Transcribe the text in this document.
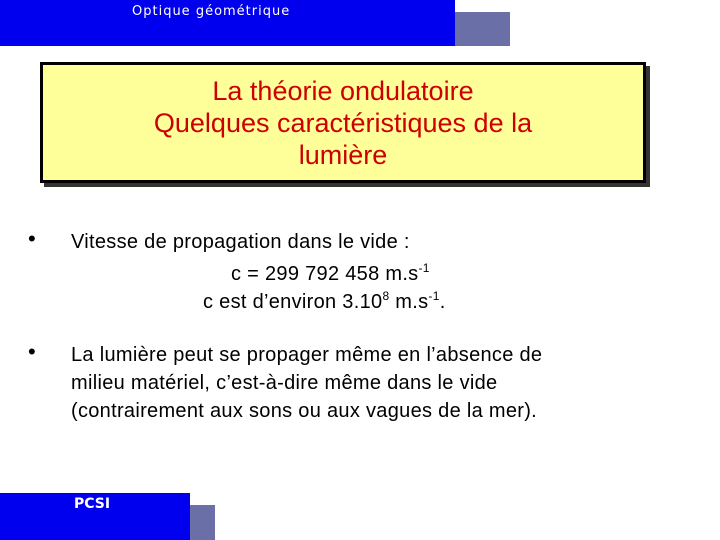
Optique géométrique
La théorie ondulatoire
Quelques caractéristiques de la
lumière
• Vitesse de propagation dans le vide :
c = 299 792 458 $m.s^{-1}$
c est d’environ 3.10$^8$ $m.s^{-1}$.
• La lumière peut se propager même en l’absence de
milieu matériel, c’est-à-dire même dans le vide
(contrairement aux sons ou aux vagues de la mer).
PCSI
